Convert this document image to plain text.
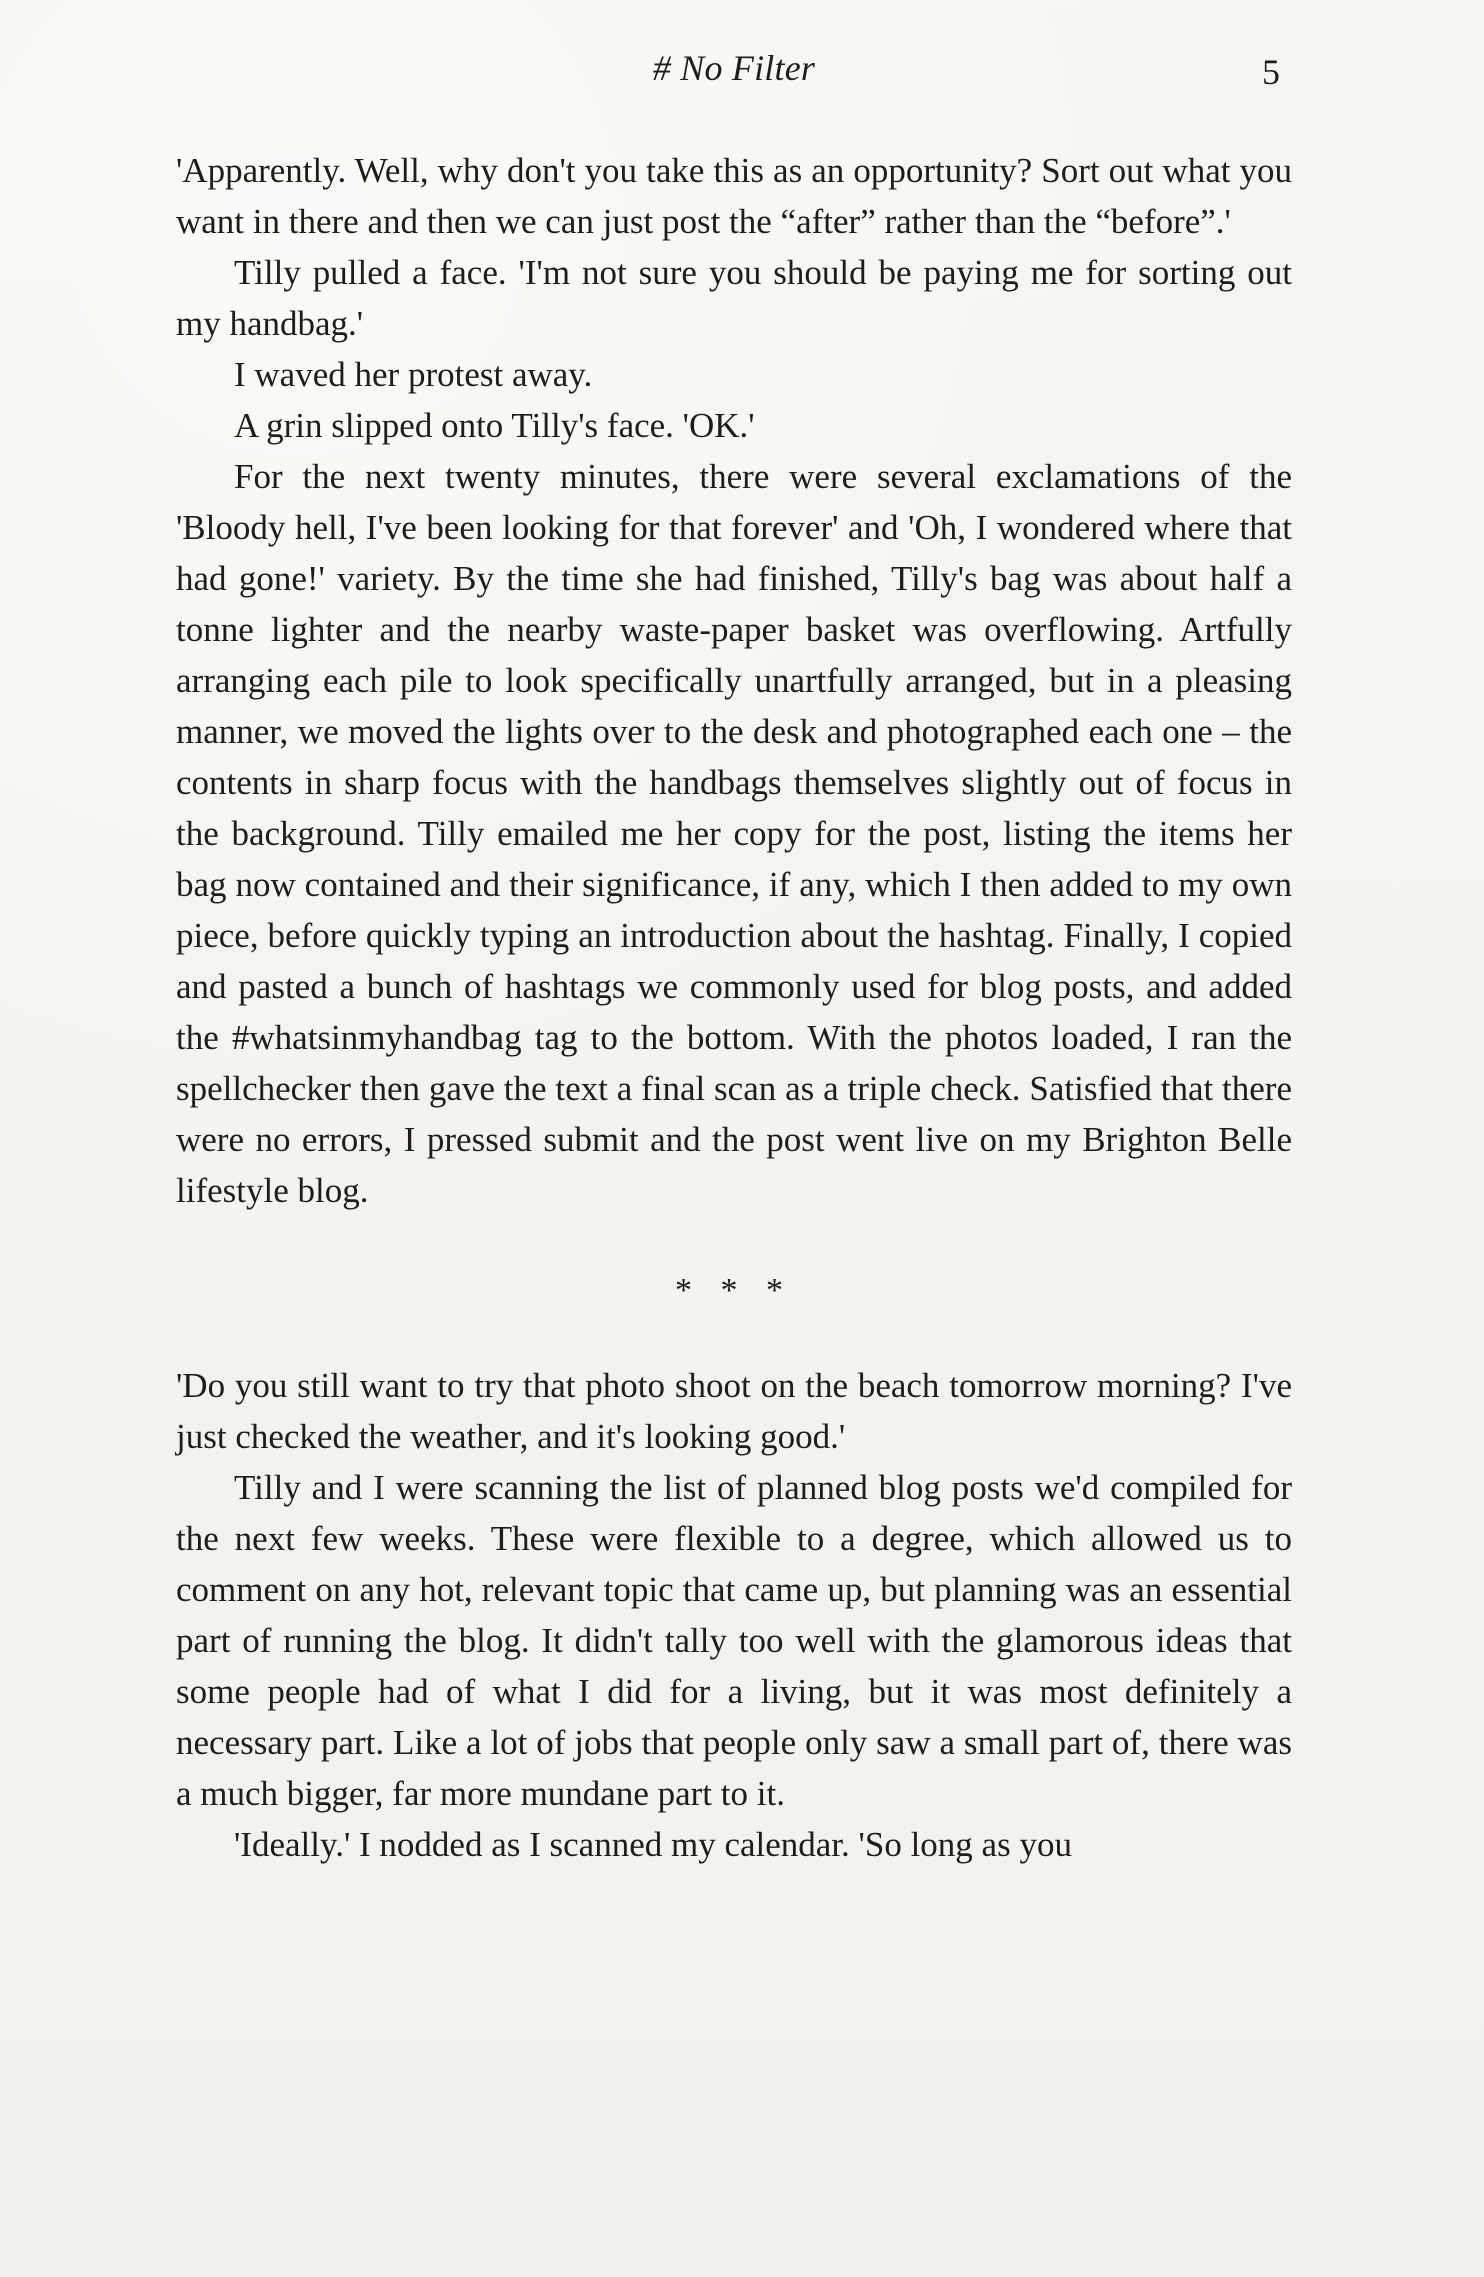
# No Filter	5

'Apparently. Well, why don't you take this as an opportunity? Sort out what you want in there and then we can just post the “after” rather than the “before”.'

Tilly pulled a face. 'I'm not sure you should be paying me for sorting out my handbag.'

I waved her protest away.

A grin slipped onto Tilly's face. 'OK.'

For the next twenty minutes, there were several exclamations of the 'Bloody hell, I've been looking for that forever' and 'Oh, I wondered where that had gone!' variety. By the time she had finished, Tilly's bag was about half a tonne lighter and the nearby waste-paper basket was overflowing. Artfully arranging each pile to look specifically unartfully arranged, but in a pleasing manner, we moved the lights over to the desk and photographed each one – the contents in sharp focus with the handbags themselves slightly out of focus in the background. Tilly emailed me her copy for the post, listing the items her bag now contained and their significance, if any, which I then added to my own piece, before quickly typing an introduction about the hashtag. Finally, I copied and pasted a bunch of hashtags we commonly used for blog posts, and added the #whatsinmyhandbag tag to the bottom. With the photos loaded, I ran the spellchecker then gave the text a final scan as a triple check. Satisfied that there were no errors, I pressed submit and the post went live on my Brighton Belle lifestyle blog.

* * *

'Do you still want to try that photo shoot on the beach tomorrow morning? I've just checked the weather, and it's looking good.'

Tilly and I were scanning the list of planned blog posts we'd compiled for the next few weeks. These were flexible to a degree, which allowed us to comment on any hot, relevant topic that came up, but planning was an essential part of running the blog. It didn't tally too well with the glamorous ideas that some people had of what I did for a living, but it was most definitely a necessary part. Like a lot of jobs that people only saw a small part of, there was a much bigger, far more mundane part to it.

'Ideally.' I nodded as I scanned my calendar. 'So long as you
